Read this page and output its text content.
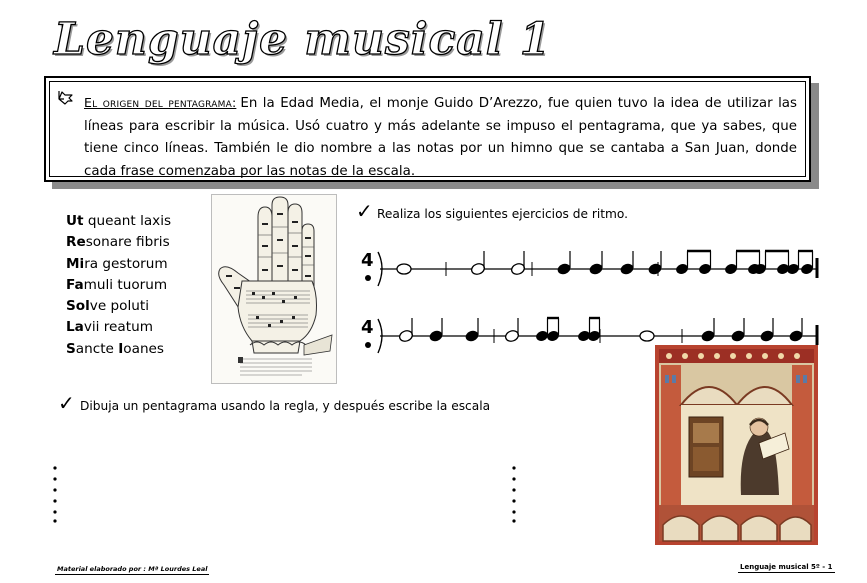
Lenguaje musical 1

El origen del pentagrama: En la Edad Media, el monje Guido D’Arezzo, fue quien tuvo la idea de utilizar las líneas para escribir la música. Usó cuatro y más adelante se impuso el pentagrama, que ya sabes, que tiene cinco líneas. También le dio nombre a las notas por un himno que se cantaba a San Juan, donde cada frase comenzaba por las notas de la escala.

Ut queant laxis
Resonare fibris
Mira gestorum
Famuli tuorum
Solve poluti
Lavii reatum
Sancte Ioanes
✓ Realiza los siguientes ejercicios de ritmo.
4
4
✓ Dibuja un pentagrama usando la regla, y después escribe la escala
Material elaborado por : Mª Lourdes Leal	Lenguaje musical 5º - 1
